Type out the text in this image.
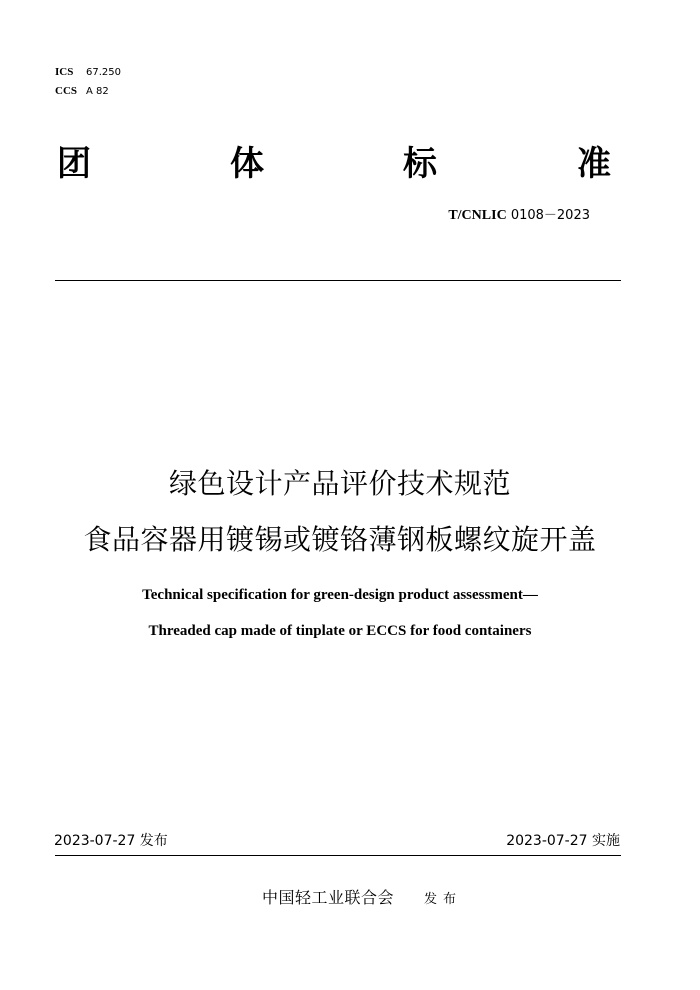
ICS 67.250
CCS A 82
团	体	标	准
T/CNLIC 0108－2023
绿色设计产品评价技术规范
食品容器用镀锡或镀铬薄钢板螺纹旋开盖
Technical specification for green-design product assessment—
Threaded cap made of tinplate or ECCS for food containers
2023-07-27 发布	2023-07-27 实施
中国轻工业联合会 发布
